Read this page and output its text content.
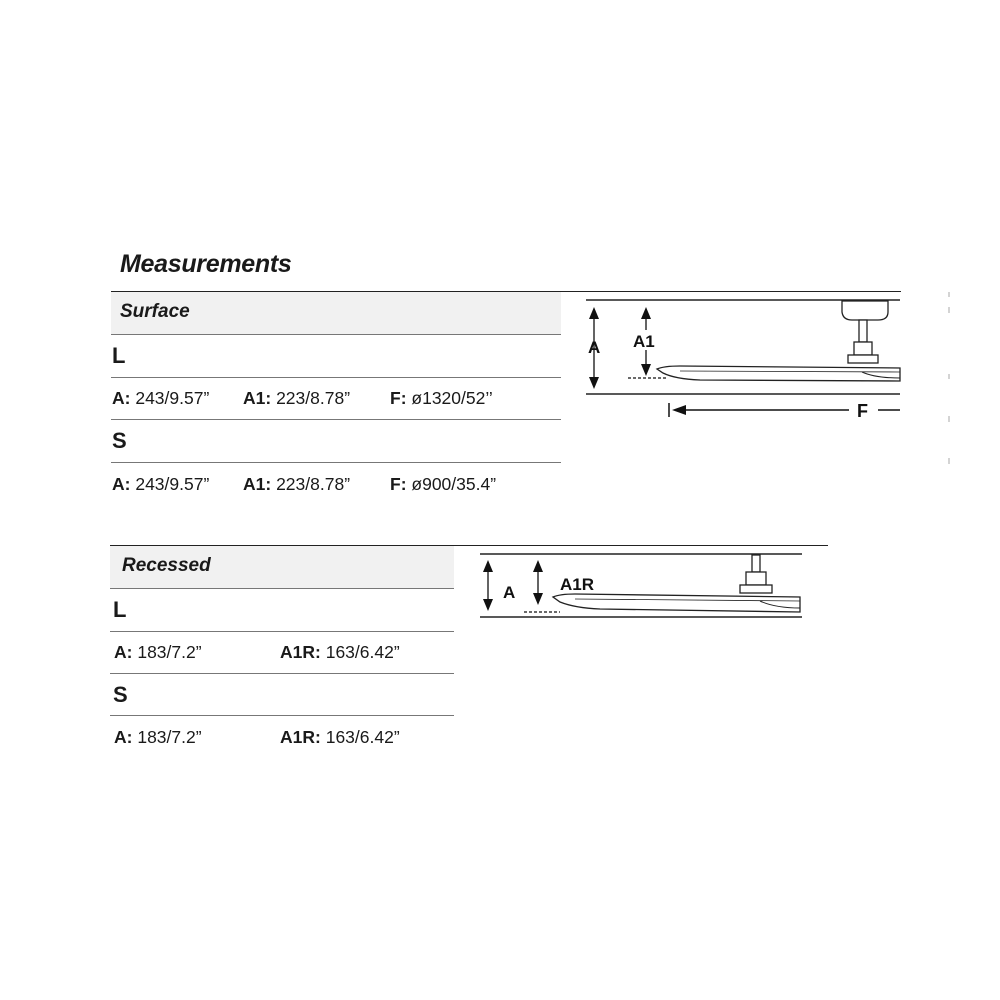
Measurements
Surface
L
A: 243/9.57” A1: 223/8.78” F: ø1320/52’’
S
A: 243/9.57” A1: 223/8.78” F: ø900/35.4”
A A1
F
Recessed
L
A: 183/7.2”	A1R: 163/6.42”
S
A: 183/7.2”	A1R: 163/6.42”
A	A1R
